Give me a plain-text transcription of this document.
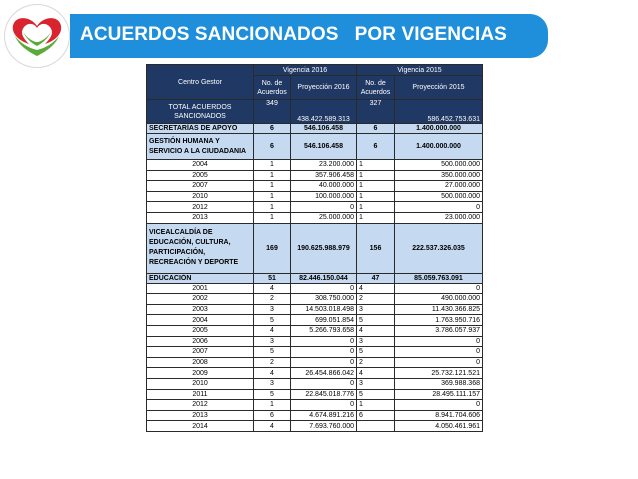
ACUERDOS SANCIONADOS   POR VIGENCIAS
Centro Gestor	Vigencia 2016		Vigencia 2015	
	No. de Acuerdos	Proyección 2016	No. de Acuerdos	Proyección 2015
TOTAL ACUERDOS SANCIONADOS	349	438.422.589.313	327	586.452.753.631
SECRETARÍAS DE APOYO	6	546.106.458	6	1.400.000.000
GESTIÓN HUMANA Y SERVICIO A LA CIUDADANIA	6	546.106.458	6	1.400.000.000
2004	1	23.200.000	1	500.000.000
2005	1	357.906.458	1	350.000.000
2007	1	40.000.000	1	27.000.000
2010	1	100.000.000	1	500.000.000
2012	1	0	1	0
2013	1	25.000.000	1	23.000.000
VICEALCALDÍA DE EDUCACIÓN, CULTURA, PARTICIPACIÓN, RECREACIÓN Y DEPORTE	169	190.625.988.979	156	222.537.326.035
EDUCACIÓN	51	82.446.150.044	47	85.059.763.091
2001	4	0	4	0
2002	2	308.750.000	2	490.000.000
2003	3	14.503.018.498	3	11.430.366.825
2004	5	699.051.854	5	1.763.950.716
2005	4	5.266.793.658	4	3.786.057.937
2006	3	0	3	0
2007	5	0	5	0
2008	2	0	2	0
2009	4	26.454.866.042	4	25.732.121.521
2010	3	0	3	369.988.368
2011	5	22.845.018.776	5	28.495.111.157
2012	1	0	1	0
2013	6	4.674.891.216	6	8.941.704.606
2014	4	7.693.760.000		4.050.461.961
